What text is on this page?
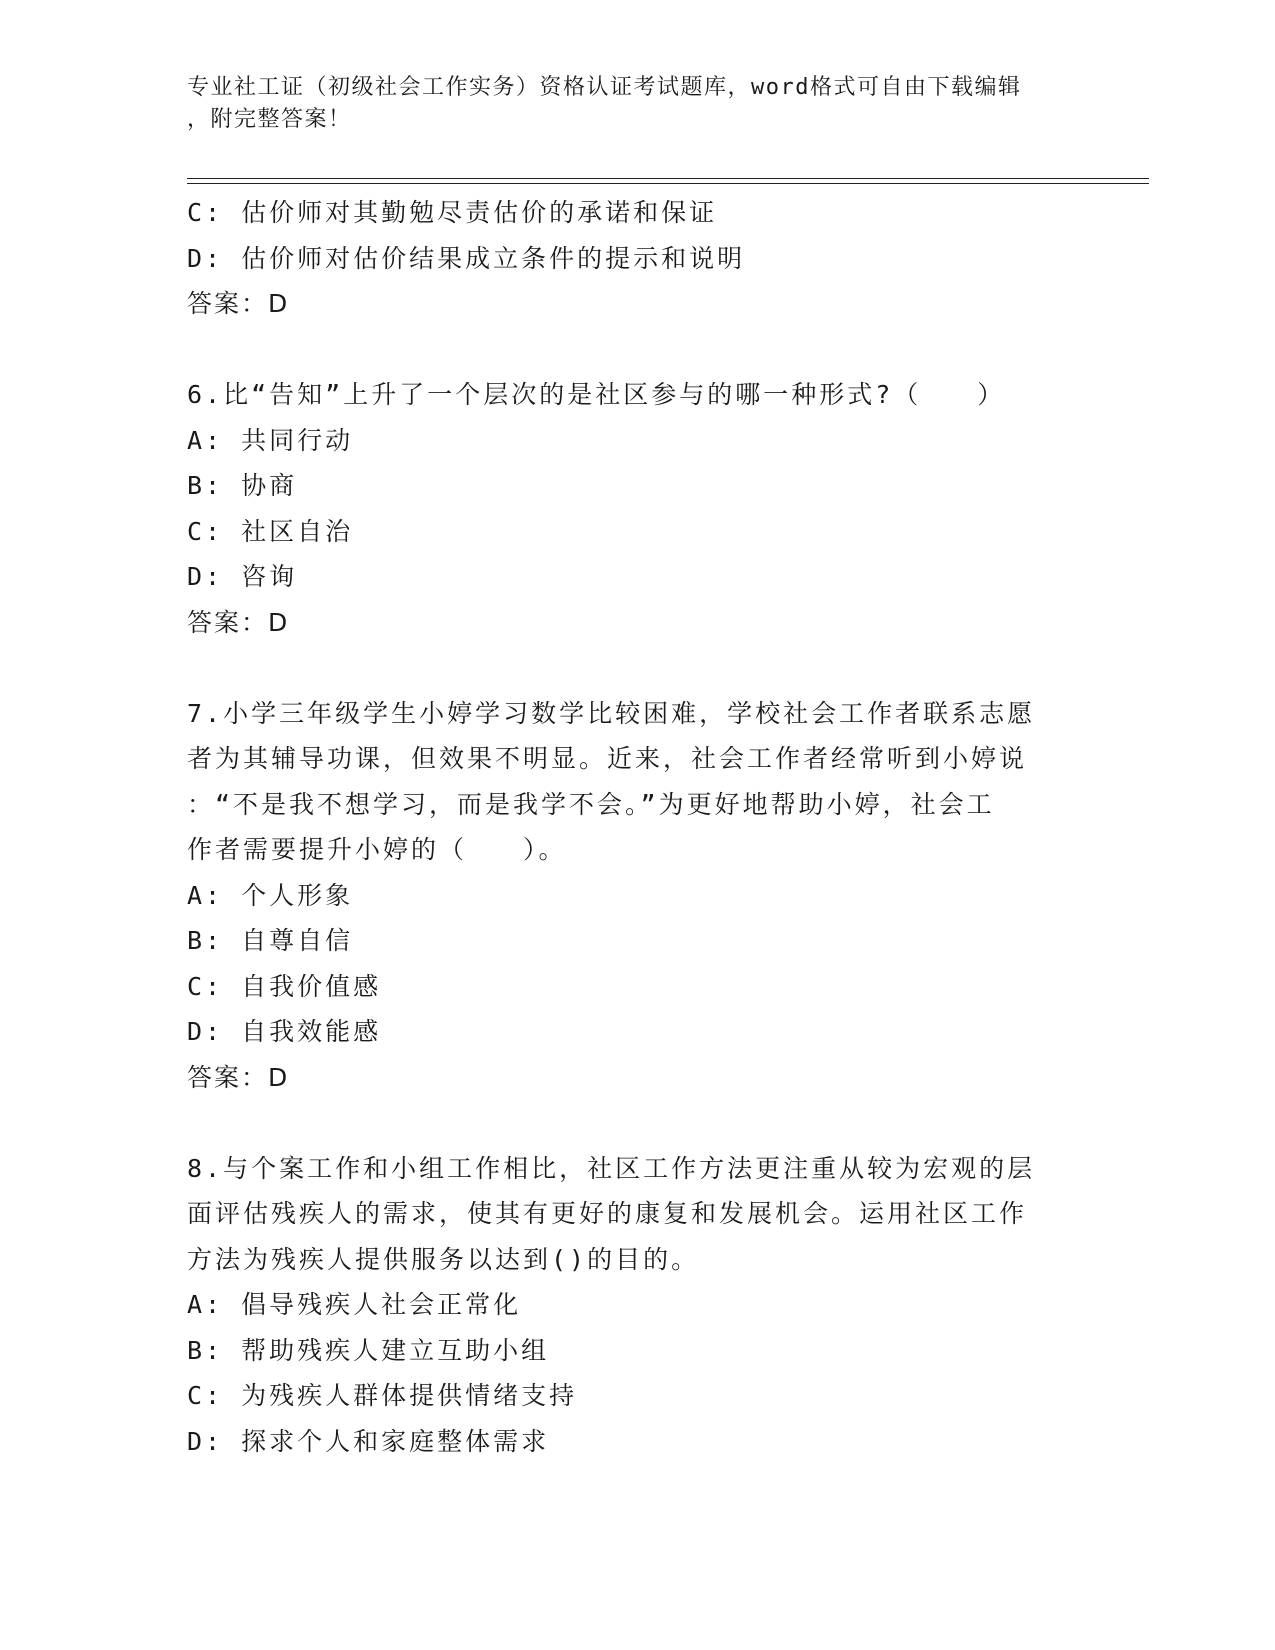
专业社工证（初级社会工作实务）资格认证考试题库，word格式可自由下载编辑
，附完整答案！
C: 估价师对其勤勉尽责估价的承诺和保证
D: 估价师对估价结果成立条件的提示和说明
答案：D
6.比“告知”上升了一个层次的是社区参与的哪一种形式?（　　）
A: 共同行动
B: 协商
C: 社区自治
D: 咨询
答案：D
7.小学三年级学生小婷学习数学比较困难，学校社会工作者联系志愿
者为其辅导功课，但效果不明显。近来，社会工作者经常听到小婷说
：“不是我不想学习，而是我学不会。”为更好地帮助小婷，社会工
作者需要提升小婷的（　　）。
A: 个人形象
B: 自尊自信
C: 自我价值感
D: 自我效能感
答案：D
8.与个案工作和小组工作相比，社区工作方法更注重从较为宏观的层
面评估残疾人的需求，使其有更好的康复和发展机会。运用社区工作
方法为残疾人提供服务以达到()的目的。
A: 倡导残疾人社会正常化
B: 帮助残疾人建立互助小组
C: 为残疾人群体提供情绪支持
D: 探求个人和家庭整体需求
